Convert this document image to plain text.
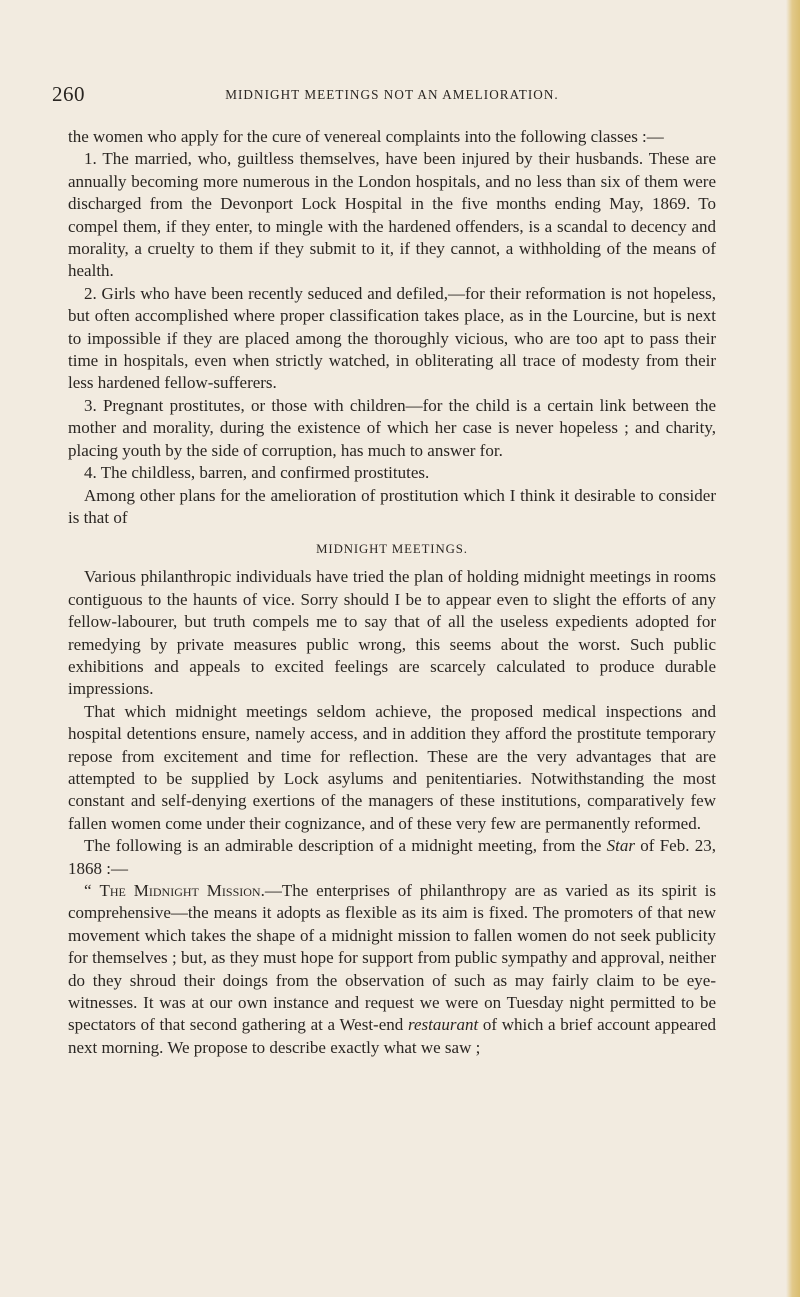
260	MIDNIGHT MEETINGS NOT AN AMELIORATION.

the women who apply for the cure of venereal complaints into the following classes :—

1. The married, who, guiltless themselves, have been injured by their husbands. These are annually becoming more numerous in the London hospitals, and no less than six of them were discharged from the Devonport Lock Hospital in the five months ending May, 1869. To compel them, if they enter, to mingle with the hardened offenders, is a scandal to decency and morality, a cruelty to them if they submit to it, if they cannot, a withholding of the means of health.

2. Girls who have been recently seduced and defiled,—for their reformation is not hopeless, but often accomplished where proper classification takes place, as in the Lourcine, but is next to impossible if they are placed among the thoroughly vicious, who are too apt to pass their time in hospitals, even when strictly watched, in obliterating all trace of modesty from their less hardened fellow-sufferers.

3. Pregnant prostitutes, or those with children—for the child is a certain link between the mother and morality, during the existence of which her case is never hopeless ; and charity, placing youth by the side of corruption, has much to answer for.

4. The childless, barren, and confirmed prostitutes.

Among other plans for the amelioration of prostitution which I think it desirable to consider is that of

MIDNIGHT MEETINGS.

Various philanthropic individuals have tried the plan of holding midnight meetings in rooms contiguous to the haunts of vice. Sorry should I be to appear even to slight the efforts of any fellow-labourer, but truth compels me to say that of all the useless expedients adopted for remedying by private measures public wrong, this seems about the worst. Such public exhibitions and appeals to excited feelings are scarcely calculated to produce durable impressions.

That which midnight meetings seldom achieve, the proposed medical inspections and hospital detentions ensure, namely access, and in addition they afford the prostitute temporary repose from excitement and time for reflection. These are the very advantages that are attempted to be supplied by Lock asylums and penitentiaries. Notwithstanding the most constant and self-denying exertions of the managers of these institutions, comparatively few fallen women come under their cognizance, and of these very few are permanently reformed.

The following is an admirable description of a midnight meeting, from the Star of Feb. 23, 1868 :—

“ The Midnight Mission.—The enterprises of philanthropy are as varied as its spirit is comprehensive—the means it adopts as flexible as its aim is fixed. The promoters of that new movement which takes the shape of a midnight mission to fallen women do not seek publicity for themselves ; but, as they must hope for support from public sympathy and approval, neither do they shroud their doings from the observation of such as may fairly claim to be eye-witnesses. It was at our own instance and request we were on Tuesday night permitted to be spectators of that second gathering at a West-end restaurant of which a brief account appeared next morning. We propose to describe exactly what we saw ;
